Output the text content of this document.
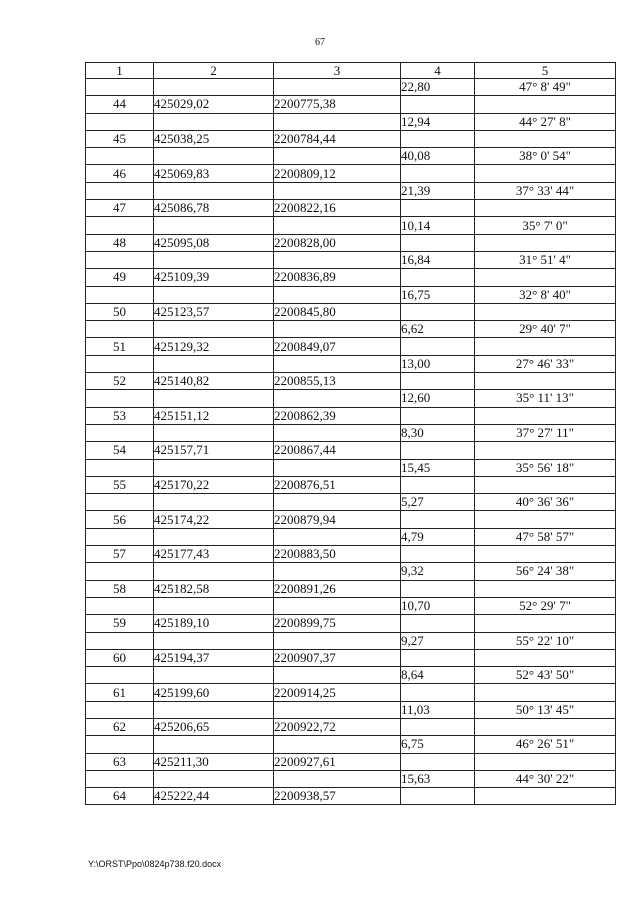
67
1	2	3	4	5
			22,80	47° 8' 49"
44	425029,02	2200775,38		
			12,94	44° 27' 8"
45	425038,25	2200784,44		
			40,08	38° 0' 54"
46	425069,83	2200809,12		
			21,39	37° 33' 44"
47	425086,78	2200822,16		
			10,14	35° 7' 0"
48	425095,08	2200828,00		
			16,84	31° 51' 4"
49	425109,39	2200836,89		
			16,75	32° 8' 40"
50	425123,57	2200845,80		
			6,62	29° 40' 7"
51	425129,32	2200849,07		
			13,00	27° 46' 33"
52	425140,82	2200855,13		
			12,60	35° 11' 13"
53	425151,12	2200862,39		
			8,30	37° 27' 11"
54	425157,71	2200867,44		
			15,45	35° 56' 18"
55	425170,22	2200876,51		
			5,27	40° 36' 36"
56	425174,22	2200879,94		
			4,79	47° 58' 57"
57	425177,43	2200883,50		
			9,32	56° 24' 38"
58	425182,58	2200891,26		
			10,70	52° 29' 7"
59	425189,10	2200899,75		
			9,27	55° 22' 10"
60	425194,37	2200907,37		
			8,64	52° 43' 50"
61	425199,60	2200914,25		
			11,03	50° 13' 45"
62	425206,65	2200922,72		
			6,75	46° 26' 51"
63	425211,30	2200927,61		
			15,63	44° 30' 22"
64	425222,44	2200938,57		
Y:\ORST\Ppo\0824p738.f20.docx
